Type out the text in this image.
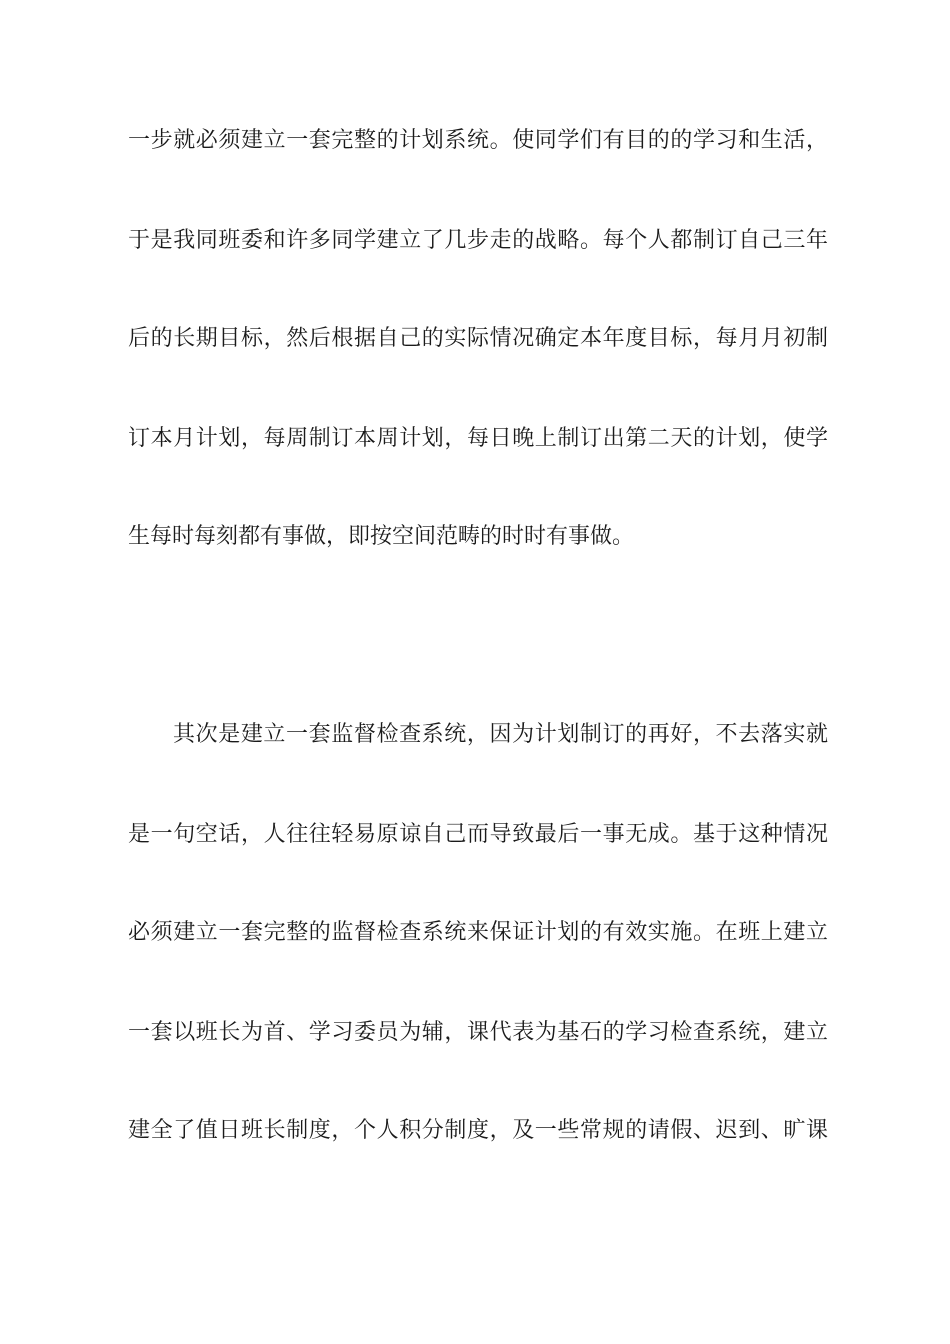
一步就必须建立一套完整的计划系统。使同学们有目的的学习和生活，
于是我同班委和许多同学建立了几步走的战略。每个人都制订自己三年
后的长期目标，然后根据自己的实际情况确定本年度目标，每月月初制
订本月计划，每周制订本周计划，每日晚上制订出第二天的计划，使学
生每时每刻都有事做，即按空间范畴的时时有事做。
其次是建立一套监督检查系统，因为计划制订的再好，不去落实就
是一句空话，人往往轻易原谅自己而导致最后一事无成。基于这种情况
必须建立一套完整的监督检查系统来保证计划的有效实施。在班上建立
一套以班长为首、学习委员为辅，课代表为基石的学习检查系统，建立
建全了值日班长制度，个人积分制度，及一些常规的请假、迟到、旷课
